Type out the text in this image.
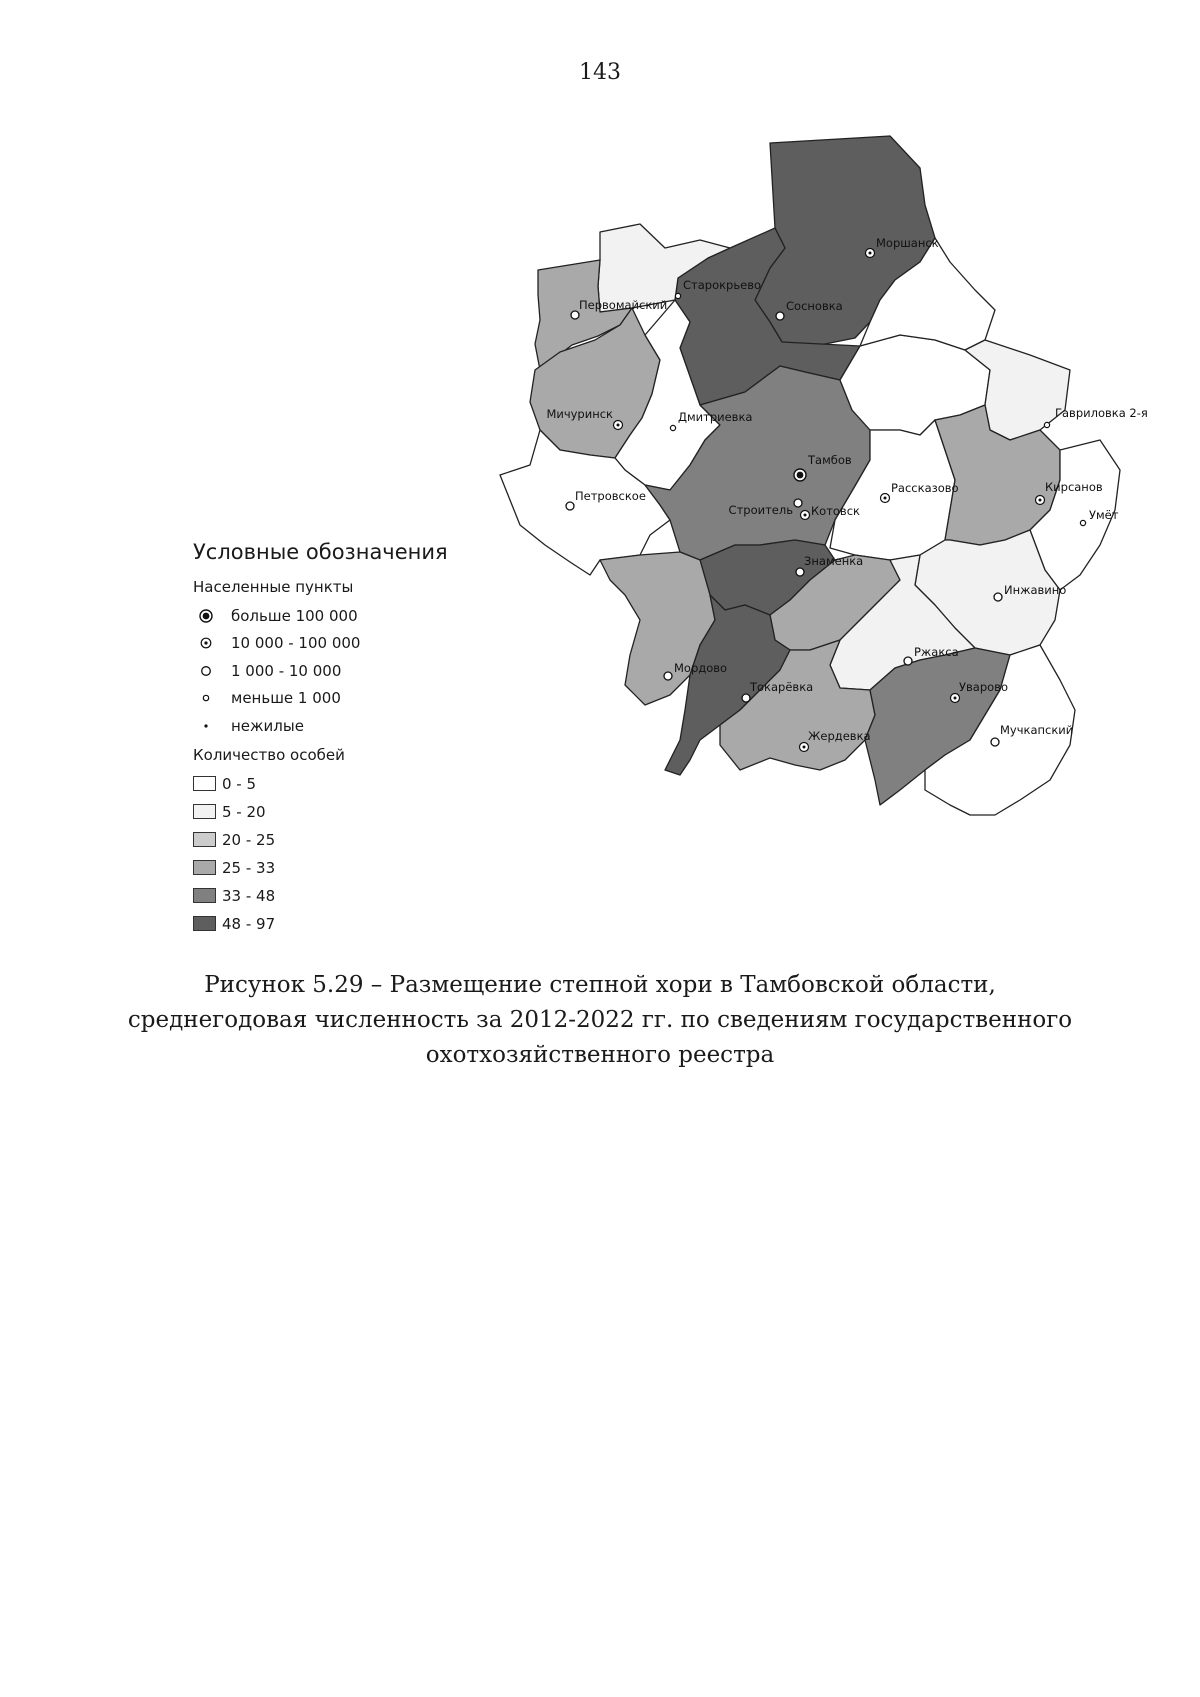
143
Моршанск
Старокрьево
Первомайский	Сосновка
Мичуринск	Дмитриевка
Тамбов
Петровское
Рассказово
Гавриловка 2-я
Кирсанов
Строитель Котовск	Умёт
Знаменка
Инжавино
Ржакса
Мордово
Токарёвка	Уварово
Жердевка	Мучкапский
Условные обозначения
Населенные пункты
больше 100 000
10 000 - 100 000
1 000 - 10 000
меньше 1 000
нежилые
Количество особей
0 - 5
5 - 20
20 - 25
25 - 33
33 - 48
48 - 97
Рисунок 5.29 – Размещение степной хори в Тамбовской области,
среднегодовая численность за 2012-2022 гг. по сведениям государственного
охотхозяйственного реестра
